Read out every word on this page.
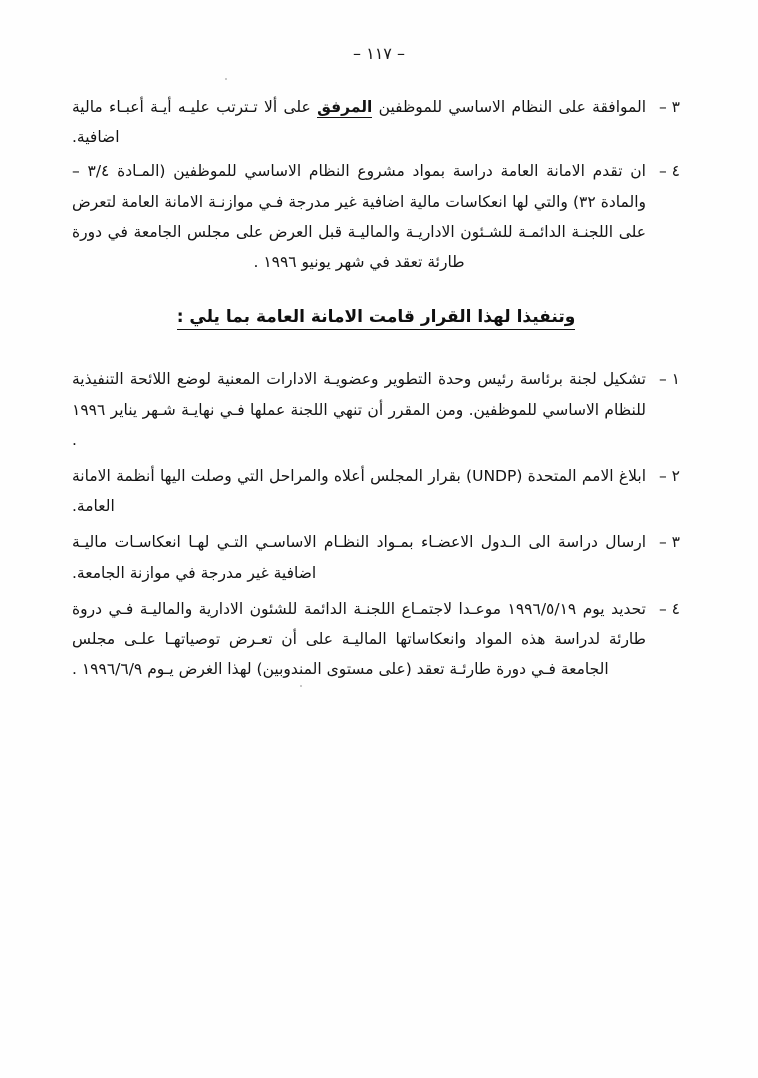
– ١١٧ –
٣ –
الموافقة على النظام الاساسي للموظفين المرفق على ألا تـترتب عليـه أيـة أعبـاء مالية اضافية.
٤ –
ان تقدم الامانة العامة دراسة بمواد مشروع النظام الاساسي للموظفين (المـادة ٣/٤ – والمادة ٣٢) والتي لها انعكاسات مالية اضافية غير مدرجة فـي موازنـة الامانة العامة لتعرض على اللجنـة الدائمـة للشـئون الاداريـة والماليـة قبل العرض على مجلس الجامعة في دورة طارئة تعقد في شهر يونيو ١٩٩٦ .
وتنفيذا لهذا القرار قامت الامانة العامة بما يلي :
١ –
تشكيل لجنة برئاسة رئيس وحدة التطوير وعضويـة الادارات المعنية لوضع اللائحة التنفيذية للنظام الاساسي للموظفين. ومن المقرر أن تنهي اللجنة عملها فـي نهايـة شـهر يناير ١٩٩٦ .
٢ –
ابلاغ الامم المتحدة (UNDP) بقرار المجلس أعلاه والمراحل التي وصلت اليها أنظمة الامانة العامة.
٣ –
ارسال دراسة الى الـدول الاعضـاء بمـواد النظـام الاساسـي التـي لهـا انعكاسـات ماليـة اضافية غير مدرجة في موازنة الجامعة.
٤ –
تحديد يوم ١٩٩٦/٥/١٩ موعـدا لاجتمـاع اللجنـة الدائمة للشئون الادارية والماليـة فـي دروة طارئة لدراسة هذه المواد وانعكاساتها الماليـة على أن تعـرض توصياتهـا علـى مجلس الجامعة فـي دورة طارئـة تعقد (على مستوى المندوبين) لهذا الغرض يـوم ١٩٩٦/٦/٩ .
